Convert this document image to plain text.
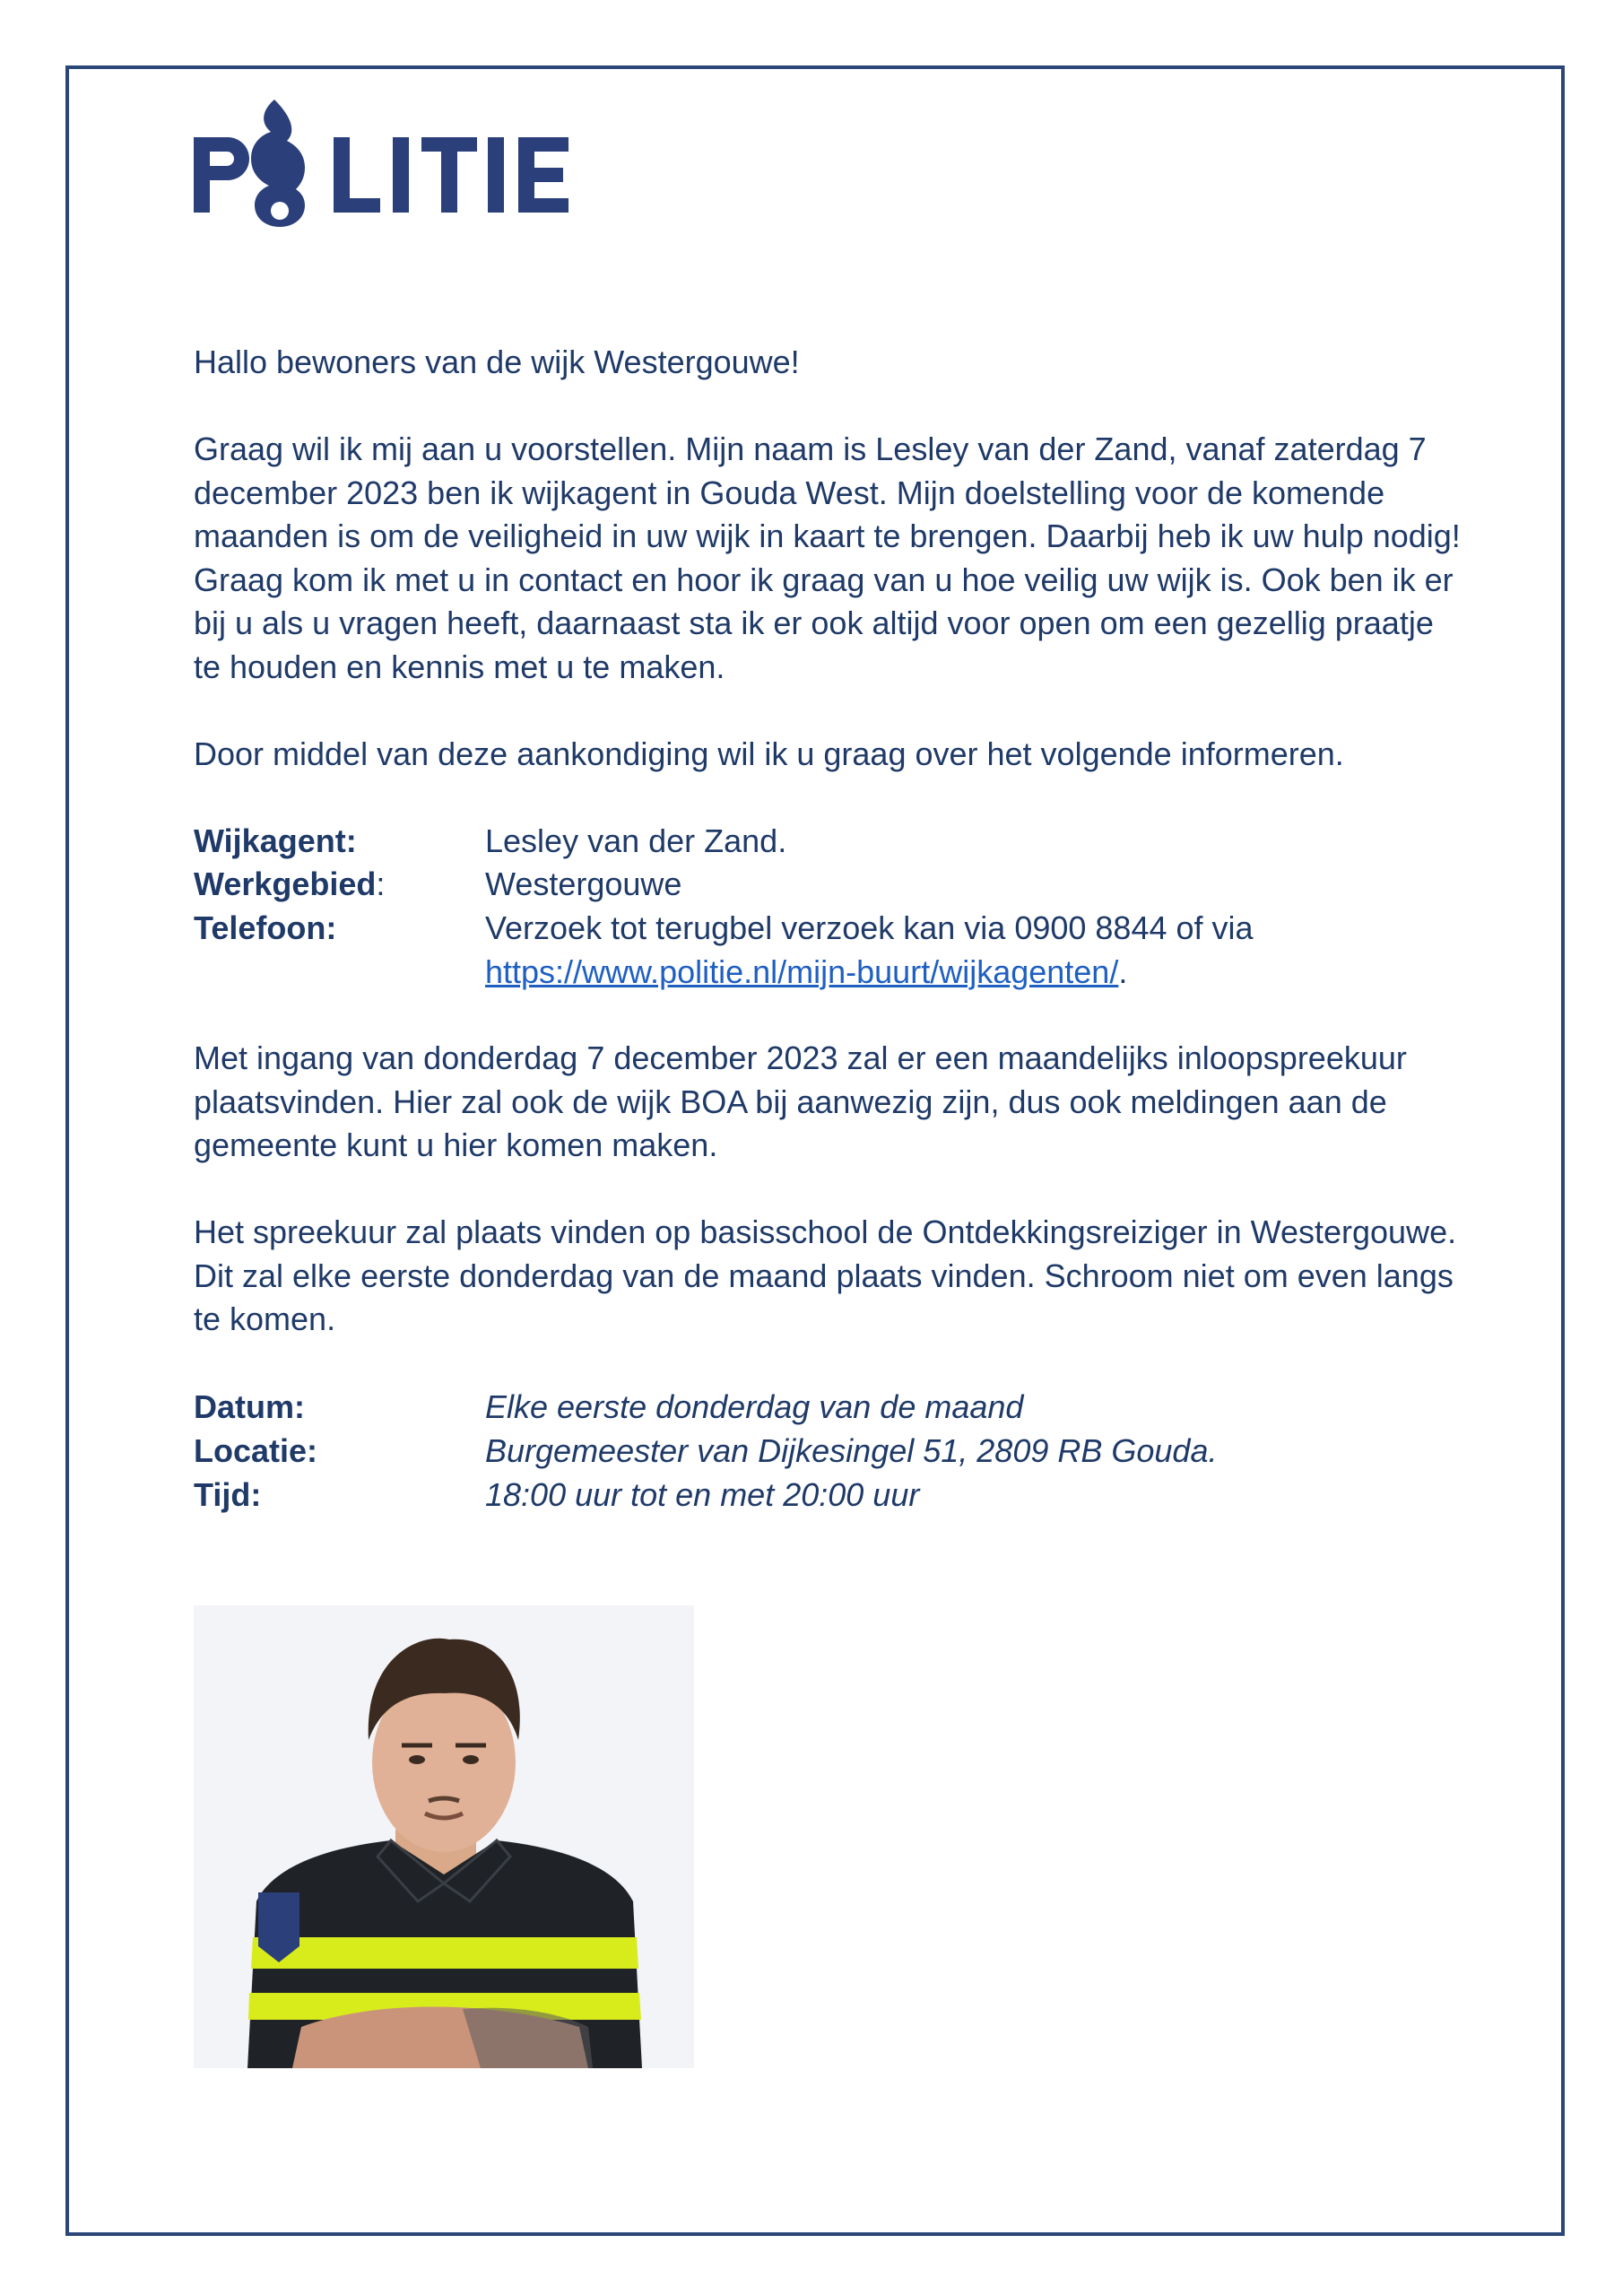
Hallo bewoners van de wijk Westergouwe!

Graag wil ik mij aan u voorstellen. Mijn naam is Lesley van der Zand, vanaf zaterdag 7 december 2023 ben ik wijkagent in Gouda West. Mijn doelstelling voor de komende maanden is om de veiligheid in uw wijk in kaart te brengen. Daarbij heb ik uw hulp nodig! Graag kom ik met u in contact en hoor ik graag van u hoe veilig uw wijk is. Ook ben ik er bij u als u vragen heeft, daarnaast sta ik er ook altijd voor open om een gezellig praatje te houden en kennis met u te maken.

Door middel van deze aankondiging wil ik u graag over het volgende informeren.

Wijkagent:	Lesley van der Zand.
Werkgebied:	Westergouwe
Telefoon:	Verzoek tot terugbel verzoek kan via 0900 8844 of via
https://www.politie.nl/mijn-buurt/wijkagenten/.

Met ingang van donderdag 7 december 2023 zal er een maandelijks inloopspreekuur plaatsvinden. Hier zal ook de wijk BOA bij aanwezig zijn, dus ook meldingen aan de gemeente kunt u hier komen maken.

Het spreekuur zal plaats vinden op basisschool de Ontdekkingsreiziger in Westergouwe. Dit zal elke eerste donderdag van de maand plaats vinden. Schroom niet om even langs te komen.

Datum:	Elke eerste donderdag van de maand
Locatie:	Burgemeester van Dijkesingel 51, 2809 RB Gouda.
Tijd:	18:00 uur tot en met 20:00 uur
